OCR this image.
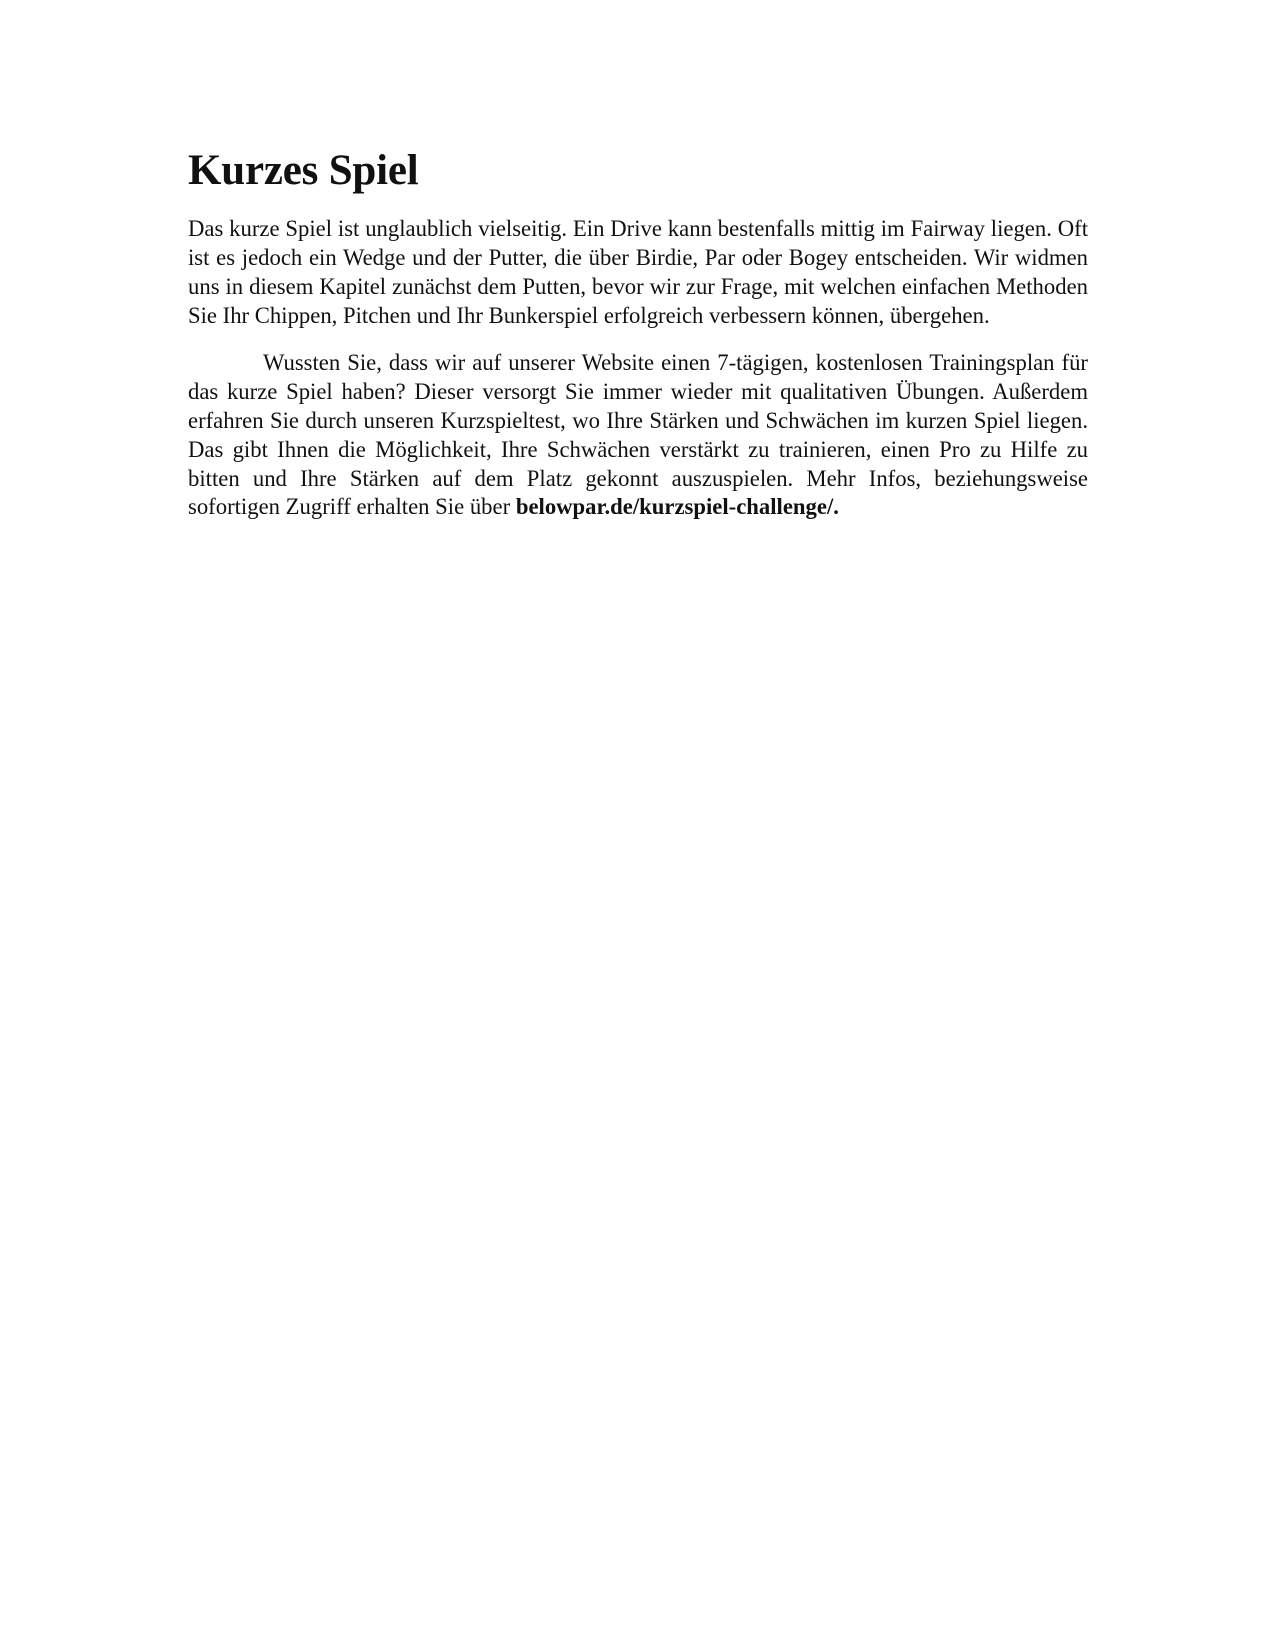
Kurzes Spiel

Das kurze Spiel ist unglaublich vielseitig. Ein Drive kann bestenfalls mittig im Fairway liegen. Oft ist es jedoch ein Wedge und der Putter, die über Birdie, Par oder Bogey entscheiden. Wir widmen uns in diesem Kapitel zunächst dem Putten, bevor wir zur Frage, mit welchen einfachen Methoden Sie Ihr Chippen, Pitchen und Ihr Bunkerspiel erfolgreich verbessern können, übergehen.

Wussten Sie, dass wir auf unserer Website einen 7-tägigen, kostenlosen Trainingsplan für das kurze Spiel haben? Dieser versorgt Sie immer wieder mit qualitativen Übungen. Außerdem erfahren Sie durch unseren Kurzspieltest, wo Ihre Stärken und Schwächen im kurzen Spiel liegen. Das gibt Ihnen die Möglichkeit, Ihre Schwächen verstärkt zu trainieren, einen Pro zu Hilfe zu bitten und Ihre Stärken auf dem Platz gekonnt auszuspielen. Mehr Infos, beziehungsweise sofortigen Zugriff erhalten Sie über belowpar.de/kurzspiel-challenge/.
